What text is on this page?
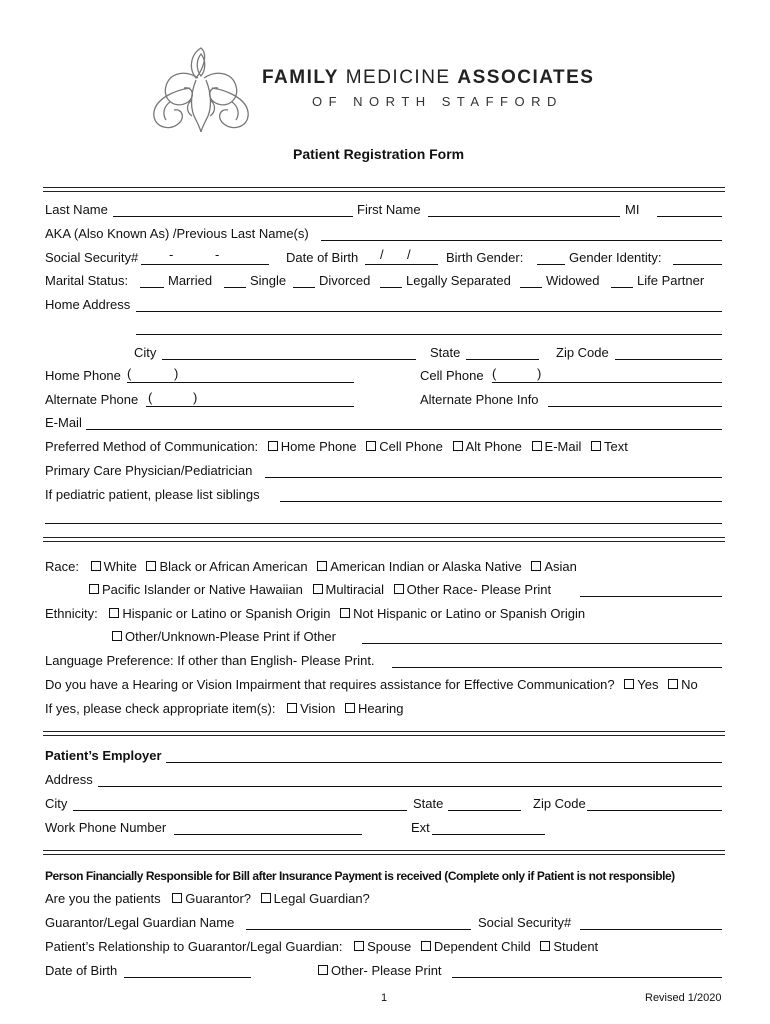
FAMILY MEDICINE ASSOCIATES
OF NORTH STAFFORD
Patient Registration Form
Last Name	First Name	MI
AKA (Also Known As) /Previous Last Name(s)
Social Security# -	-	Date of Birth / /	Birth Gender:	Gender Identity:
Marital Status:	Married	Single	Divorced	Legally Separated	Widowed	Life Partner
Home Address
City	State	Zip Code
Home Phone (	)	Cell Phone (	)
Alternate Phone (	)	Alternate Phone Info
E-Mail
Preferred Method of Communication: Home Phone Cell Phone Alt Phone E-Mail Text
Primary Care Physician/Pediatrician
If pediatric patient, please list siblings
Race: White Black or African American American Indian or Alaska Native Asian
Pacific Islander or Native Hawaiian Multiracial Other Race- Please Print
Ethnicity: Hispanic or Latino or Spanish Origin Not Hispanic or Latino or Spanish Origin
Other/Unknown-Please Print if Other
Language Preference: If other than English- Please Print.
Do you have a Hearing or Vision Impairment that requires assistance for Effective Communication? Yes No
If yes, please check appropriate item(s): Vision Hearing
Patient’s Employer
Address
City	State	Zip Code
Work Phone Number	Ext
Person Financially Responsible for Bill after Insurance Payment is received (Complete only if Patient is not responsible)
Are you the patients Guarantor? Legal Guardian?
Guarantor/Legal Guardian Name	Social Security#
Patient’s Relationship to Guarantor/Legal Guardian: Spouse Dependent Child Student
Date of Birth	Other- Please Print
1	Revised 1/2020
